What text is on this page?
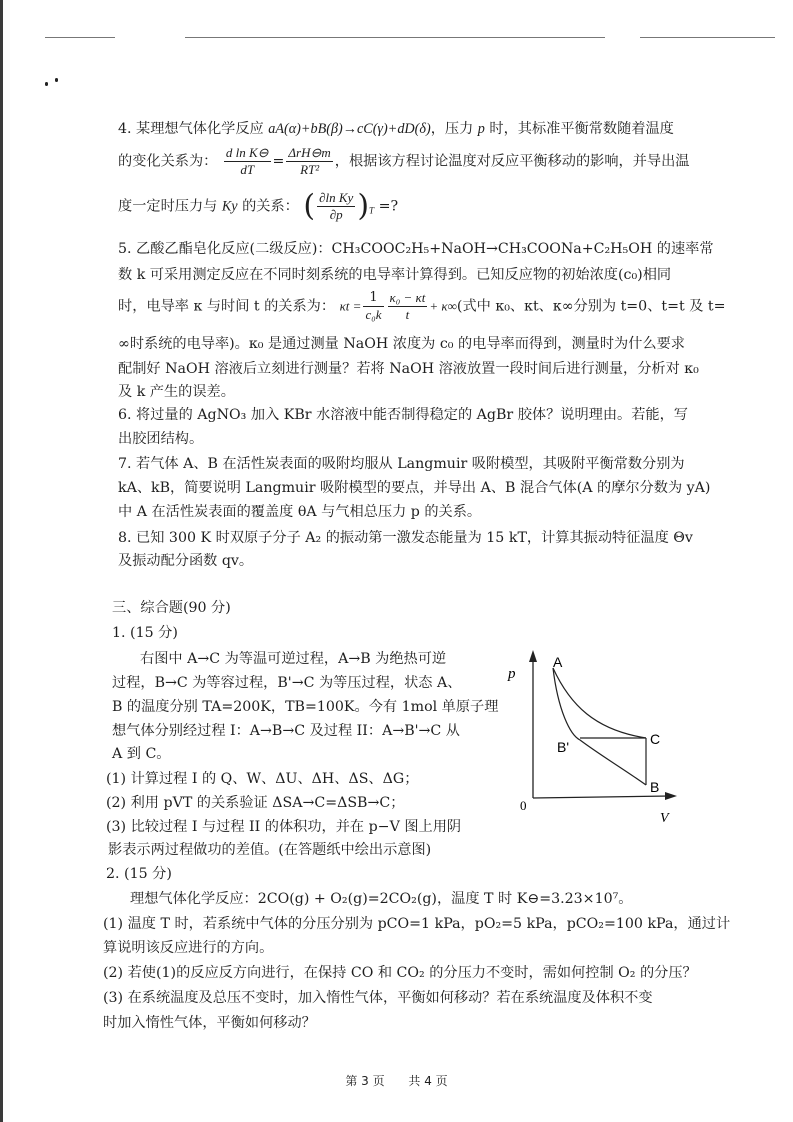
4. 某理想气体化学反应 aA(α)+bB(β)→cC(γ)+dD(δ)，压力 p 时，其标准平衡常数随着温度
的变化关系为： $\frac{\text{d ln K⊖}}{dT} = \frac{\text{ΔrH⊖m}}{\text{RT²}}$ ，根据该方程讨论温度对反应平衡移动的影响，并导出温
度一定时压力与 Ky 的关系： ( $\frac{\text{∂ln Ky}}{\partial p} )_T$ =?
5. 乙酸乙酯皂化反应(二级反应)：CH₃COOC₂H₅+NaOH→CH₃COONa+C₂H₅OH 的速率常
数 k 可采用测定反应在不同时刻系统的电导率计算得到。已知反应物的初始浓度(c₀)相同
时，电导率 κ 与时间 t 的关系为： $\kappa t = \frac{1}{\text{c₀k}} \frac{\text{κ₀ − κt}}{t} + \kappa\infty$(式中 κ₀、κt、κ∞分别为 t=0、t=t 及 t=
∞时系统的电导率)。κ₀ 是通过测量 NaOH 浓度为 c₀ 的电导率而得到，测量时为什么要求
配制好 NaOH 溶液后立刻进行测量？若将 NaOH 溶液放置一段时间后进行测量，分析对 κ₀
及 k 产生的误差。
6. 将过量的 AgNO₃ 加入 KBr 水溶液中能否制得稳定的 AgBr 胶体？说明理由。若能，写
出胶团结构。
7. 若气体 A、B 在活性炭表面的吸附均服从 Langmuir 吸附模型，其吸附平衡常数分别为
kA、kB，简要说明 Langmuir 吸附模型的要点，并导出 A、B 混合气体(A 的摩尔分数为 yA)
中 A 在活性炭表面的覆盖度 θA 与气相总压力 p 的关系。
8. 已知 300 K 时双原子分子 A₂ 的振动第一激发态能量为 15 kT，计算其振动特征温度 Θv
及振动配分函数 qv。
三、综合题(90 分)
1. (15 分)
右图中 A→C 为等温可逆过程，A→B 为绝热可逆
过程，B→C 为等容过程，B'→C 为等压过程，状态 A、
B 的温度分别 TA=200K，TB=100K。今有 1mol 单原子理
想气体分别经过程 I：A→B→C 及过程 II：A→B'→C 从
A 到 C。
(1) 计算过程 I 的 Q、W、ΔU、ΔH、ΔS、ΔG；
(2) 利用 pVT 的关系验证 ΔSA→C=ΔSB→C；
(3) 比较过程 I 与过程 II 的体积功，并在 p−V 图上用阴
影表示两过程做功的差值。(在答题纸中绘出示意图)
p
V
0
A
C
B'
B
2. (15 分)
理想气体化学反应：2CO(g) + O₂(g)=2CO₂(g)，温度 T 时 K⊖=3.23×10⁷。
(1) 温度 T 时，若系统中气体的分压分别为 pCO=1 kPa，pO₂=5 kPa，pCO₂=100 kPa，通过计
算说明该反应进行的方向。
(2) 若使(1)的反应反方向进行，在保持 CO 和 CO₂ 的分压力不变时，需如何控制 O₂ 的分压？
(3) 在系统温度及总压不变时，加入惰性气体，平衡如何移动？若在系统温度及体积不变
时加入惰性气体，平衡如何移动？
第 3 页 共 4 页
